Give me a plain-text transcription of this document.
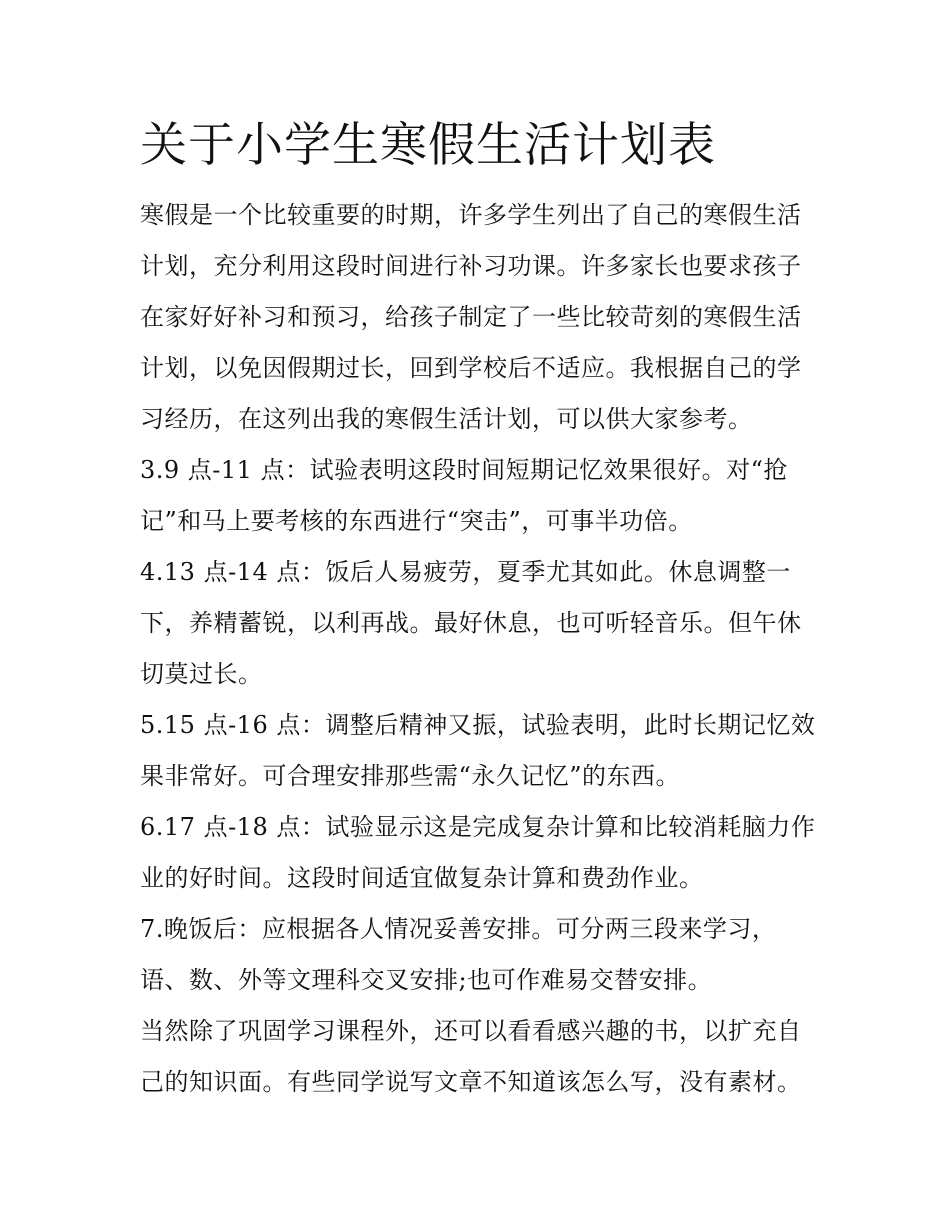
关于小学生寒假生活计划表
寒假是一个比较重要的时期，许多学生列出了自己的寒假生活
计划，充分利用这段时间进行补习功课。许多家长也要求孩子
在家好好补习和预习，给孩子制定了一些比较苛刻的寒假生活
计划，以免因假期过长，回到学校后不适应。我根据自己的学
习经历，在这列出我的寒假生活计划，可以供大家参考。
3.9 点-11 点：试验表明这段时间短期记忆效果很好。对“抢
记”和马上要考核的东西进行“突击”，可事半功倍。
4.13 点-14 点：饭后人易疲劳，夏季尤其如此。休息调整一
下，养精蓄锐，以利再战。最好休息，也可听轻音乐。但午休
切莫过长。
5.15 点-16 点：调整后精神又振，试验表明，此时长期记忆效
果非常好。可合理安排那些需“永久记忆”的东西。
6.17 点-18 点：试验显示这是完成复杂计算和比较消耗脑力作
业的好时间。这段时间适宜做复杂计算和费劲作业。
7.晚饭后：应根据各人情况妥善安排。可分两三段来学习，
语、数、外等文理科交叉安排;也可作难易交替安排。
当然除了巩固学习课程外，还可以看看感兴趣的书，以扩充自
己的知识面。有些同学说写文章不知道该怎么写，没有素材。
